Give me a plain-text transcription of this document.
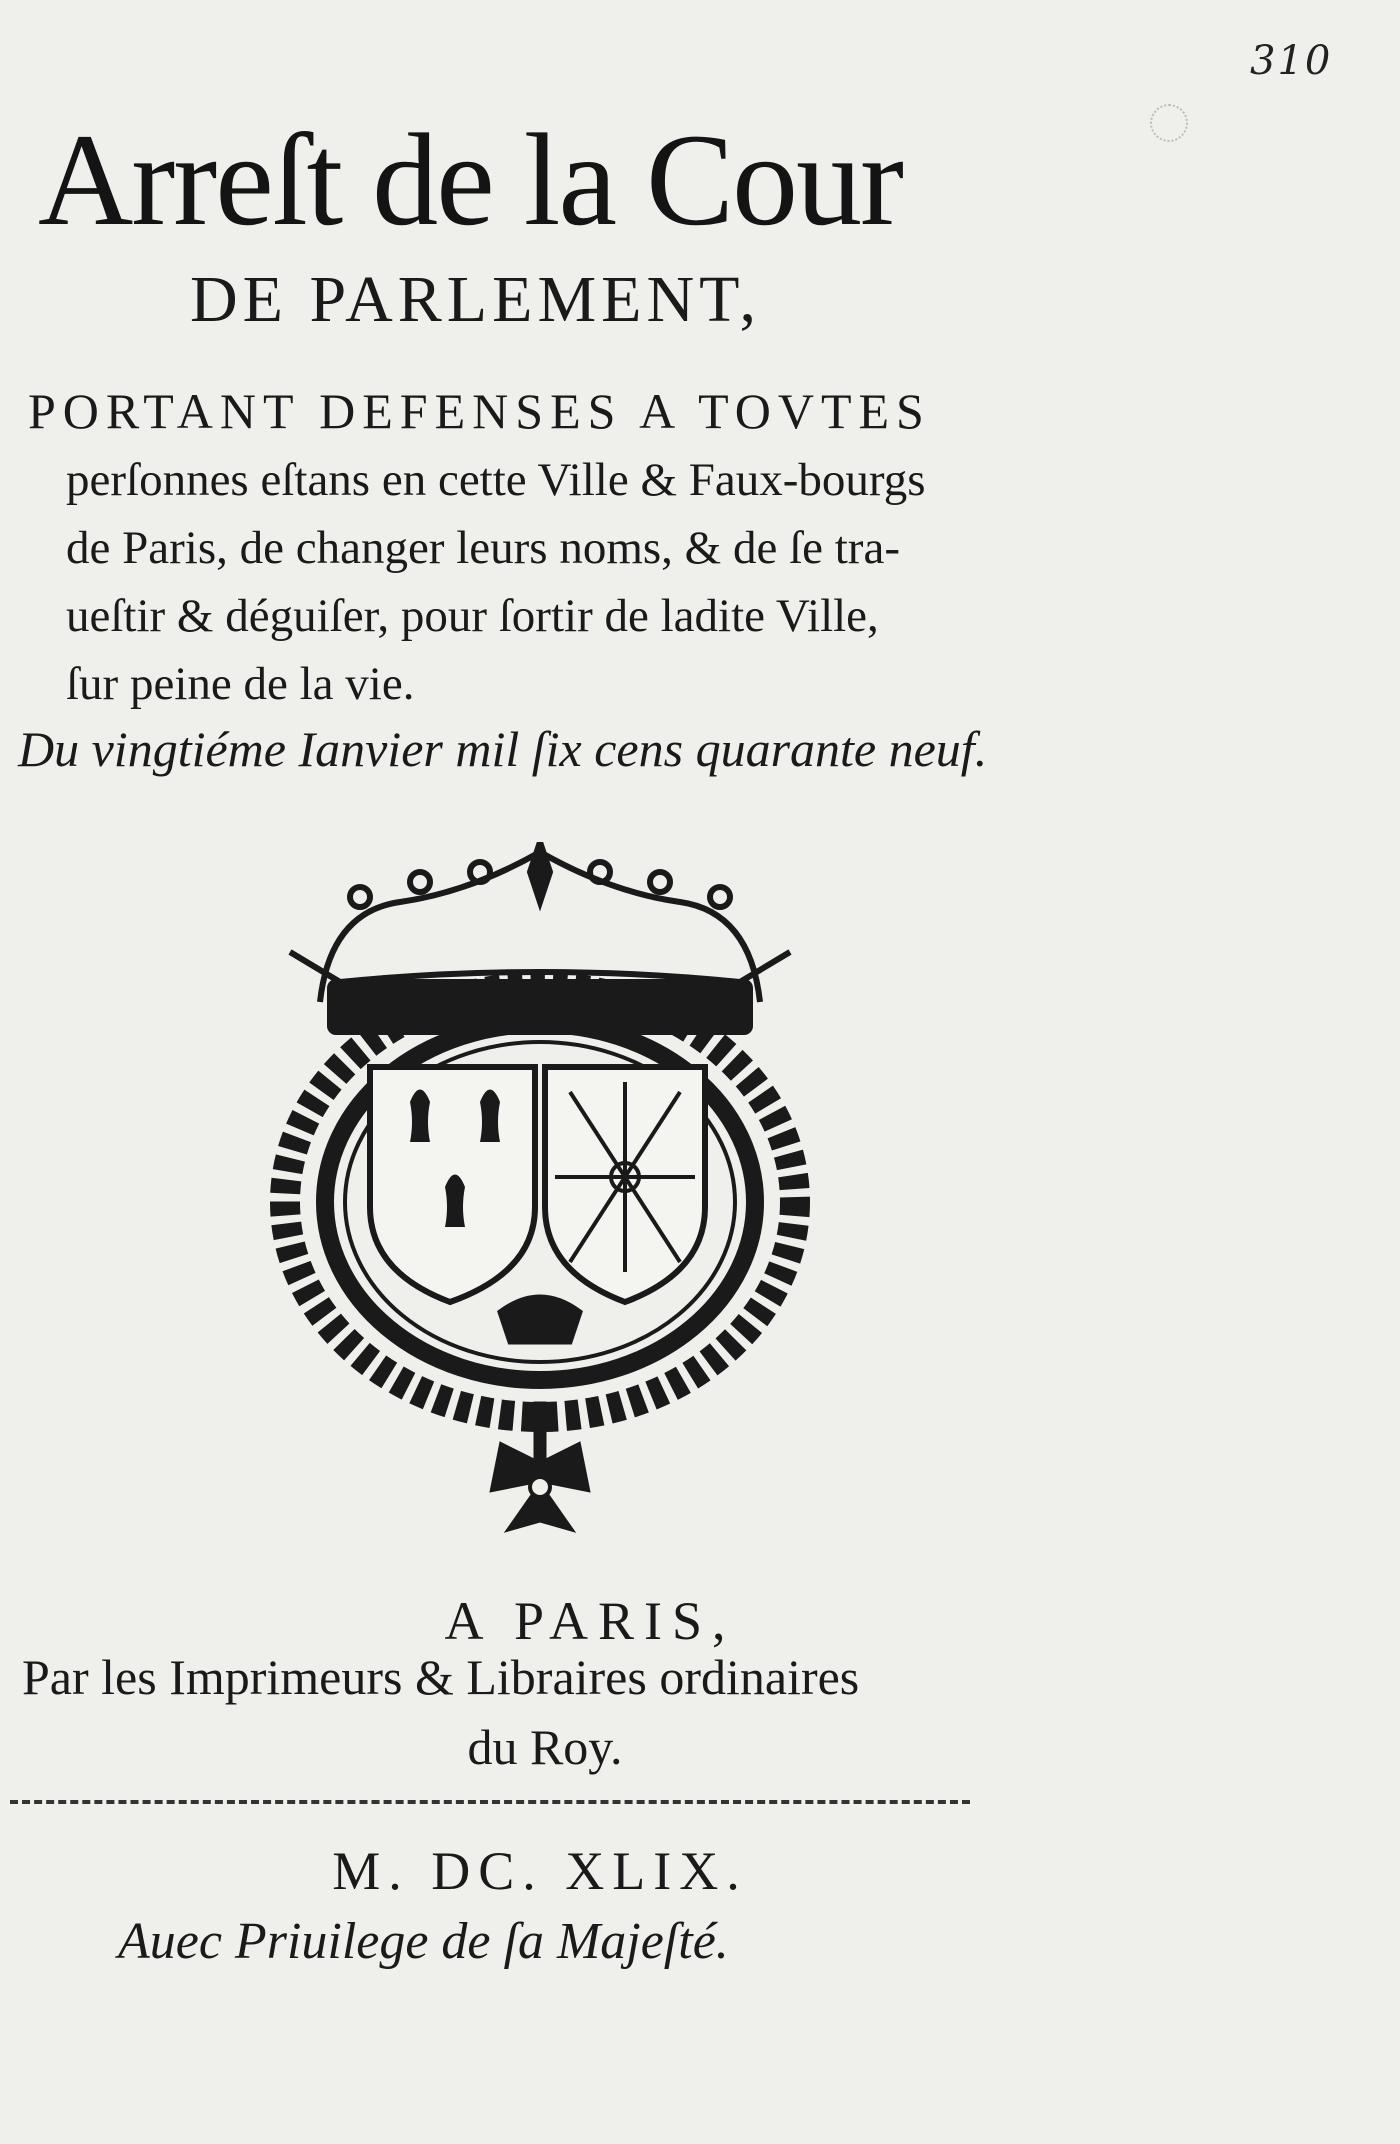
310
Arreſt de la Cour
DE PARLEMENT,
PORTANT DEFENSES A TOVTES
perſonnes eſtans en cette Ville & Faux-bourgs
de Paris, de changer leurs noms, & de ſe tra-
ueſtir & déguiſer, pour ſortir de ladite Ville,
ſur peine de la vie.
Du vingtiéme Ianvier mil ſix cens quarante neuf.
A PARIS,
Par les Imprimeurs & Libraires ordinaires
du Roy.
M. DC. XLIX.
Auec Priuilege de ſa Majeſté.
